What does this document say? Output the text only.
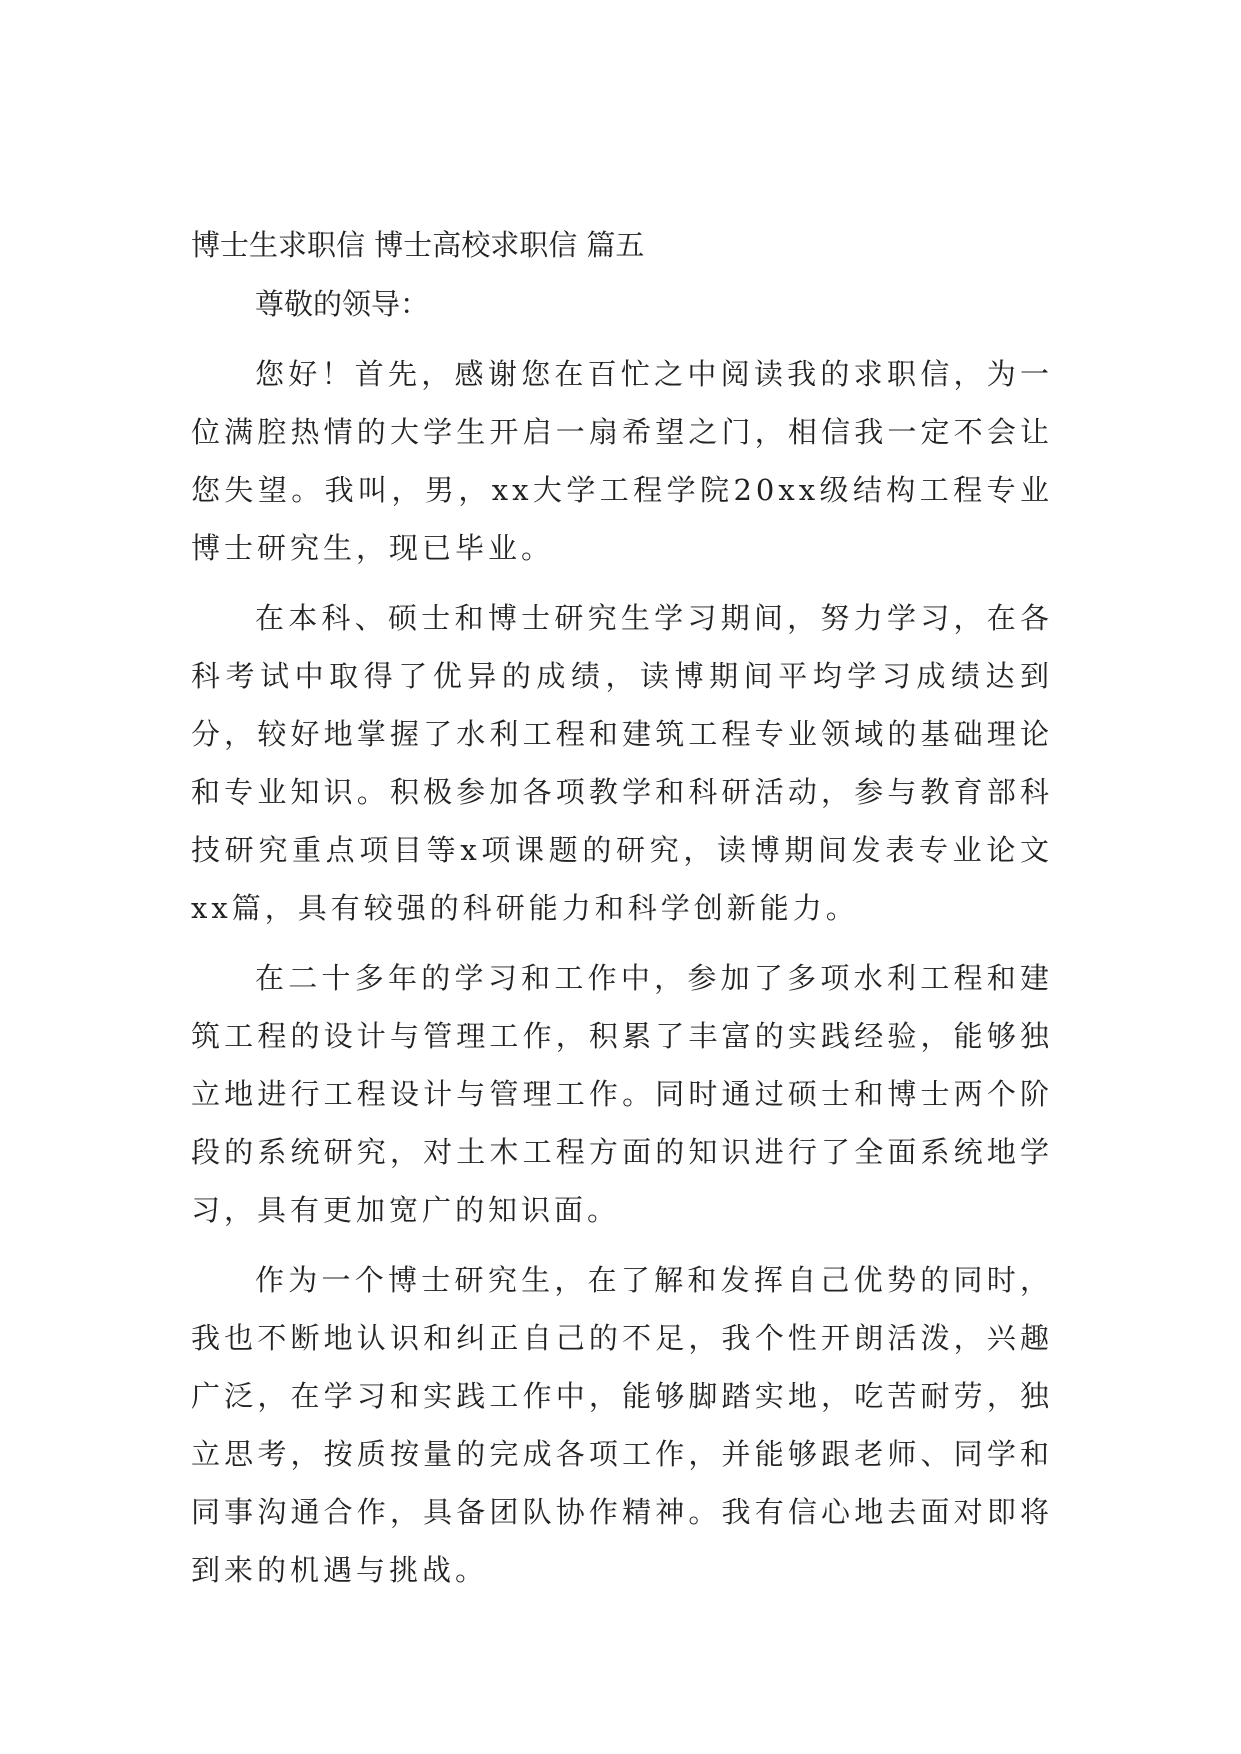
博士生求职信 博士高校求职信 篇五
尊敬的领导：

您好！首先，感谢您在百忙之中阅读我的求职信，为一位满腔热情的大学生开启一扇希望之门，相信我一定不会让您失望。我叫，男，xx大学工程学院20xx级结构工程专业博士研究生，现已毕业。

在本科、硕士和博士研究生学习期间，努力学习，在各科考试中取得了优异的成绩，读博期间平均学习成绩达到分，较好地掌握了水利工程和建筑工程专业领域的基础理论和专业知识。积极参加各项教学和科研活动，参与教育部科技研究重点项目等x项课题的研究，读博期间发表专业论文xx篇，具有较强的科研能力和科学创新能力。

在二十多年的学习和工作中，参加了多项水利工程和建筑工程的设计与管理工作，积累了丰富的实践经验，能够独立地进行工程设计与管理工作。同时通过硕士和博士两个阶段的系统研究，对土木工程方面的知识进行了全面系统地学习，具有更加宽广的知识面。

作为一个博士研究生，在了解和发挥自己优势的同时，我也不断地认识和纠正自己的不足，我个性开朗活泼，兴趣广泛，在学习和实践工作中，能够脚踏实地，吃苦耐劳，独立思考，按质按量的完成各项工作，并能够跟老师、同学和同事沟通合作，具备团队协作精神。我有信心地去面对即将到来的机遇与挑战。
